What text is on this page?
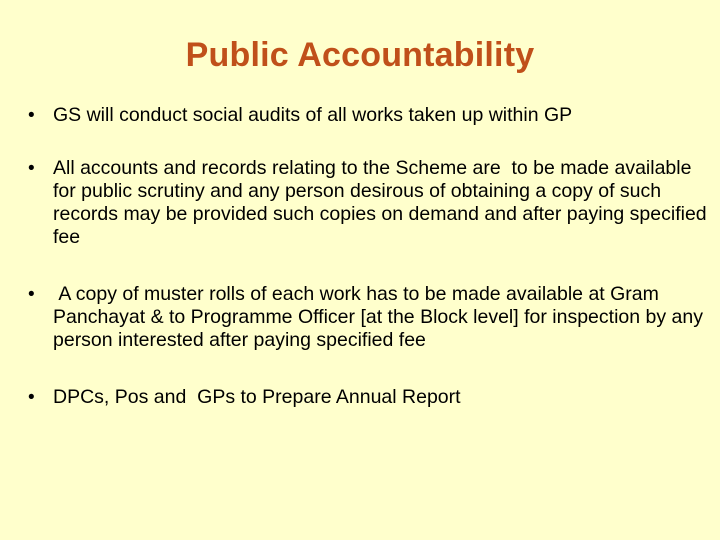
Public Accountability
• GS will conduct social audits of all works taken up within GP
• All accounts and records relating to the Scheme are  to be made available for public scrutiny and any person desirous of obtaining a copy of such records may be provided such copies on demand and after paying specified fee
• A copy of muster rolls of each work has to be made available at Gram Panchayat & to Programme Officer [at the Block level] for inspection by any person interested after paying specified fee
• DPCs, Pos and  GPs to Prepare Annual Report
